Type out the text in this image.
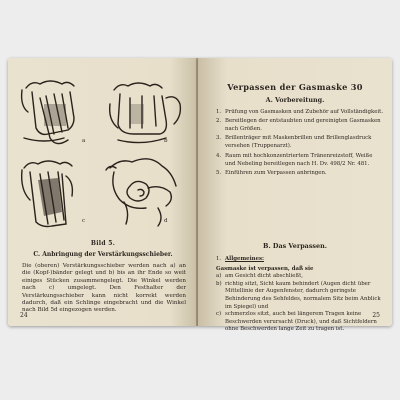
a	b
c	d
Bild 5.
C. Anbringung der Verstärkungsschieber.
Die (oberen) Verstärkungsschieber werden nach a) an die (Kopf-)bänder gelegt und b) bis an ihr Ende so weit einiges Stücken zusammengelegt. Die Winkel werden nach c) umgelegt. Den Festhalter der Verstärkungsschieber kann nicht korrekt werden dadurch, daß ein Schlinge eingebracht und die Winkel nach Bild 5d eingezogen werden.
24
Verpassen der Gasmaske 30
A. Vorbereitung.
1. Prüfung von Gasmasken und Zubehör auf Vollständigkeit.
2. Bereitlegen der entstaubten und gereinigten Gasmasken nach Größen.
3. Brillenträger mit Maskenbrillen und Brillenglasdruck versehen (Truppenarzt).
4. Raum mit hochkonzentriertem Tränenreizstoff, Weiße und Nebeling bereitlegen nach H. Dv. 498/2 Nr. 481.
5. Einführen zum Verpassen anbringen.
B. Das Verpassen.
1. Allgemeines:
Gasmaske ist verpassen, daß sie
a) am Gesicht dicht abschließt,
b) richtig sitzt, Sicht kaum behindert (Augen dicht über Mittellinie der Augenfenster, dadurch geringste Behinderung des Sehfeldes, normalem Sitz beim Anblick im Spiegel) und
c) schmerzlos sitzt, auch bei längerem Tragen keine Beschwerden verursacht (Druck), und daß Sichtfeldern ohne Beschwerden lange Zeit zu tragen ist.
25
